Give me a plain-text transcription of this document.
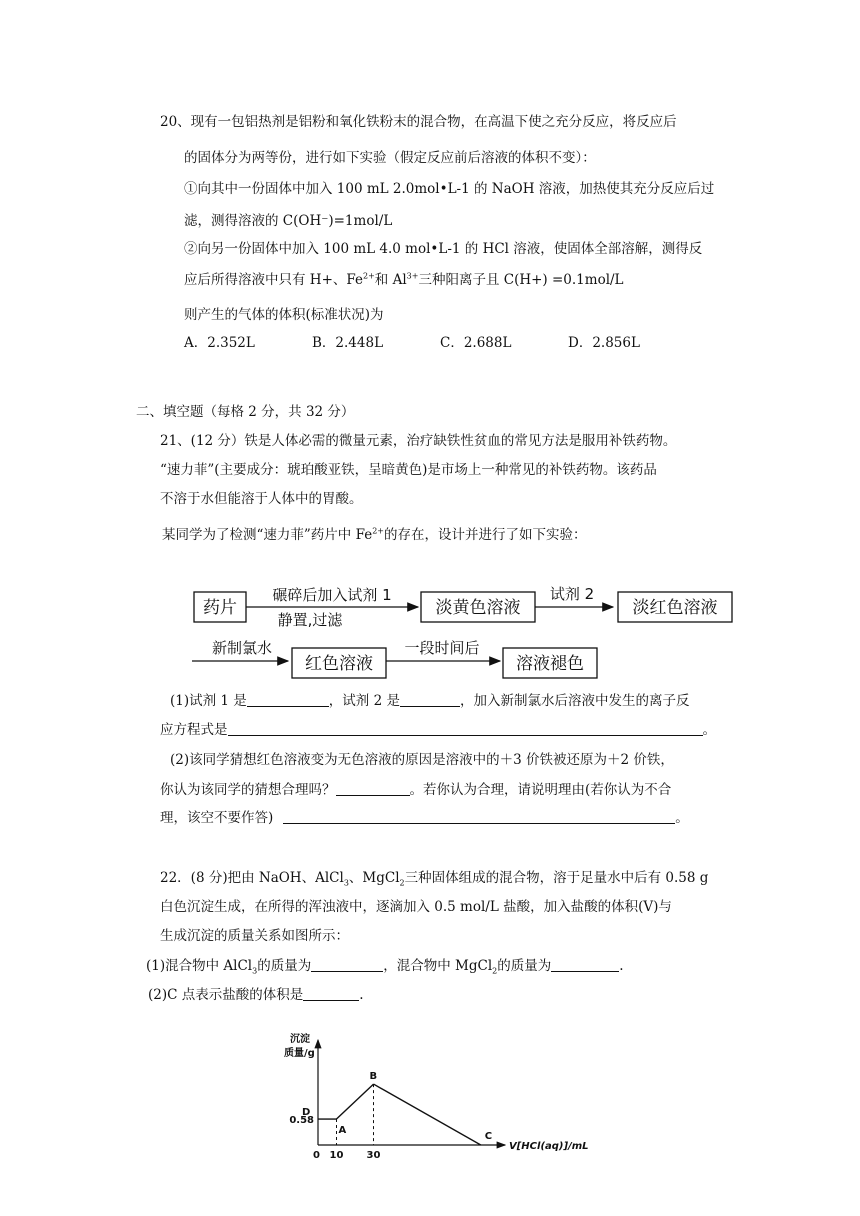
20、现有一包铝热剂是铝粉和氧化铁粉末的混合物，在高温下使之充分反应，将反应后
的固体分为两等份，进行如下实验（假定反应前后溶液的体积不变）：
①向其中一份固体中加入 100 mL 2.0mol•L-1 的 NaOH 溶液，加热使其充分反应后过
滤，测得溶液的 C(OH⁻)=1mol/L
②向另一份固体中加入 100 mL 4.0 mol•L-1 的 HCl 溶液，使固体全部溶解，测得反
应后所得溶液中只有 H+、$Fe^{2+}$和 $Al^{3+}$三种阳离子且 C(H+) =0.1mol/L
则产生的气体的体积(标准状况)为
A．2.352L	B．2.448L	C．2.688L	D．2.856L
二、填空题（每格 2 分，共 32 分）
21、(12 分）铁是人体必需的微量元素，治疗缺铁性贫血的常见方法是服用补铁药物。
“速力菲”(主要成分：琥珀酸亚铁，呈暗黄色)是市场上一种常见的补铁药物。该药品
不溶于水但能溶于人体中的胃酸。
某同学为了检测“速力菲”药片中 $Fe^{2+}$的存在，设计并进行了如下实验：
药片
碾碎后加入试剂 1
静置,过滤
淡黄色溶液
试剂 2
淡红色溶液
新制氯水
红色溶液
一段时间后
溶液褪色
(1)试剂 1 是	，试剂 2 是	，加入新制氯水后溶液中发生的离子反
应方程式是	。
(2)该同学猜想红色溶液变为无色溶液的原因是溶液中的＋3 价铁被还原为＋2 价铁，
你认为该同学的猜想合理吗？	。若你认为合理，请说明理由(若你认为不合
理，该空不要作答)	。
22．(8 分)把由 NaOH、AlCl$_3$、MgCl$_2$三种固体组成的混合物，溶于足量水中后有 0.58 g
白色沉淀生成，在所得的浑浊液中，逐滴加入 0.5 mol/L 盐酸，加入盐酸的体积(V)与
生成沉淀的质量关系如图所示：
(1)混合物中 AlCl$_3$的质量为	，混合物中 MgCl$_2$的质量为	.
(2)C 点表示盐酸的体积是	.
沉淀
质量/g
V[HCl(aq)]/mL
0 10 30
0.58
D
A
B
C
